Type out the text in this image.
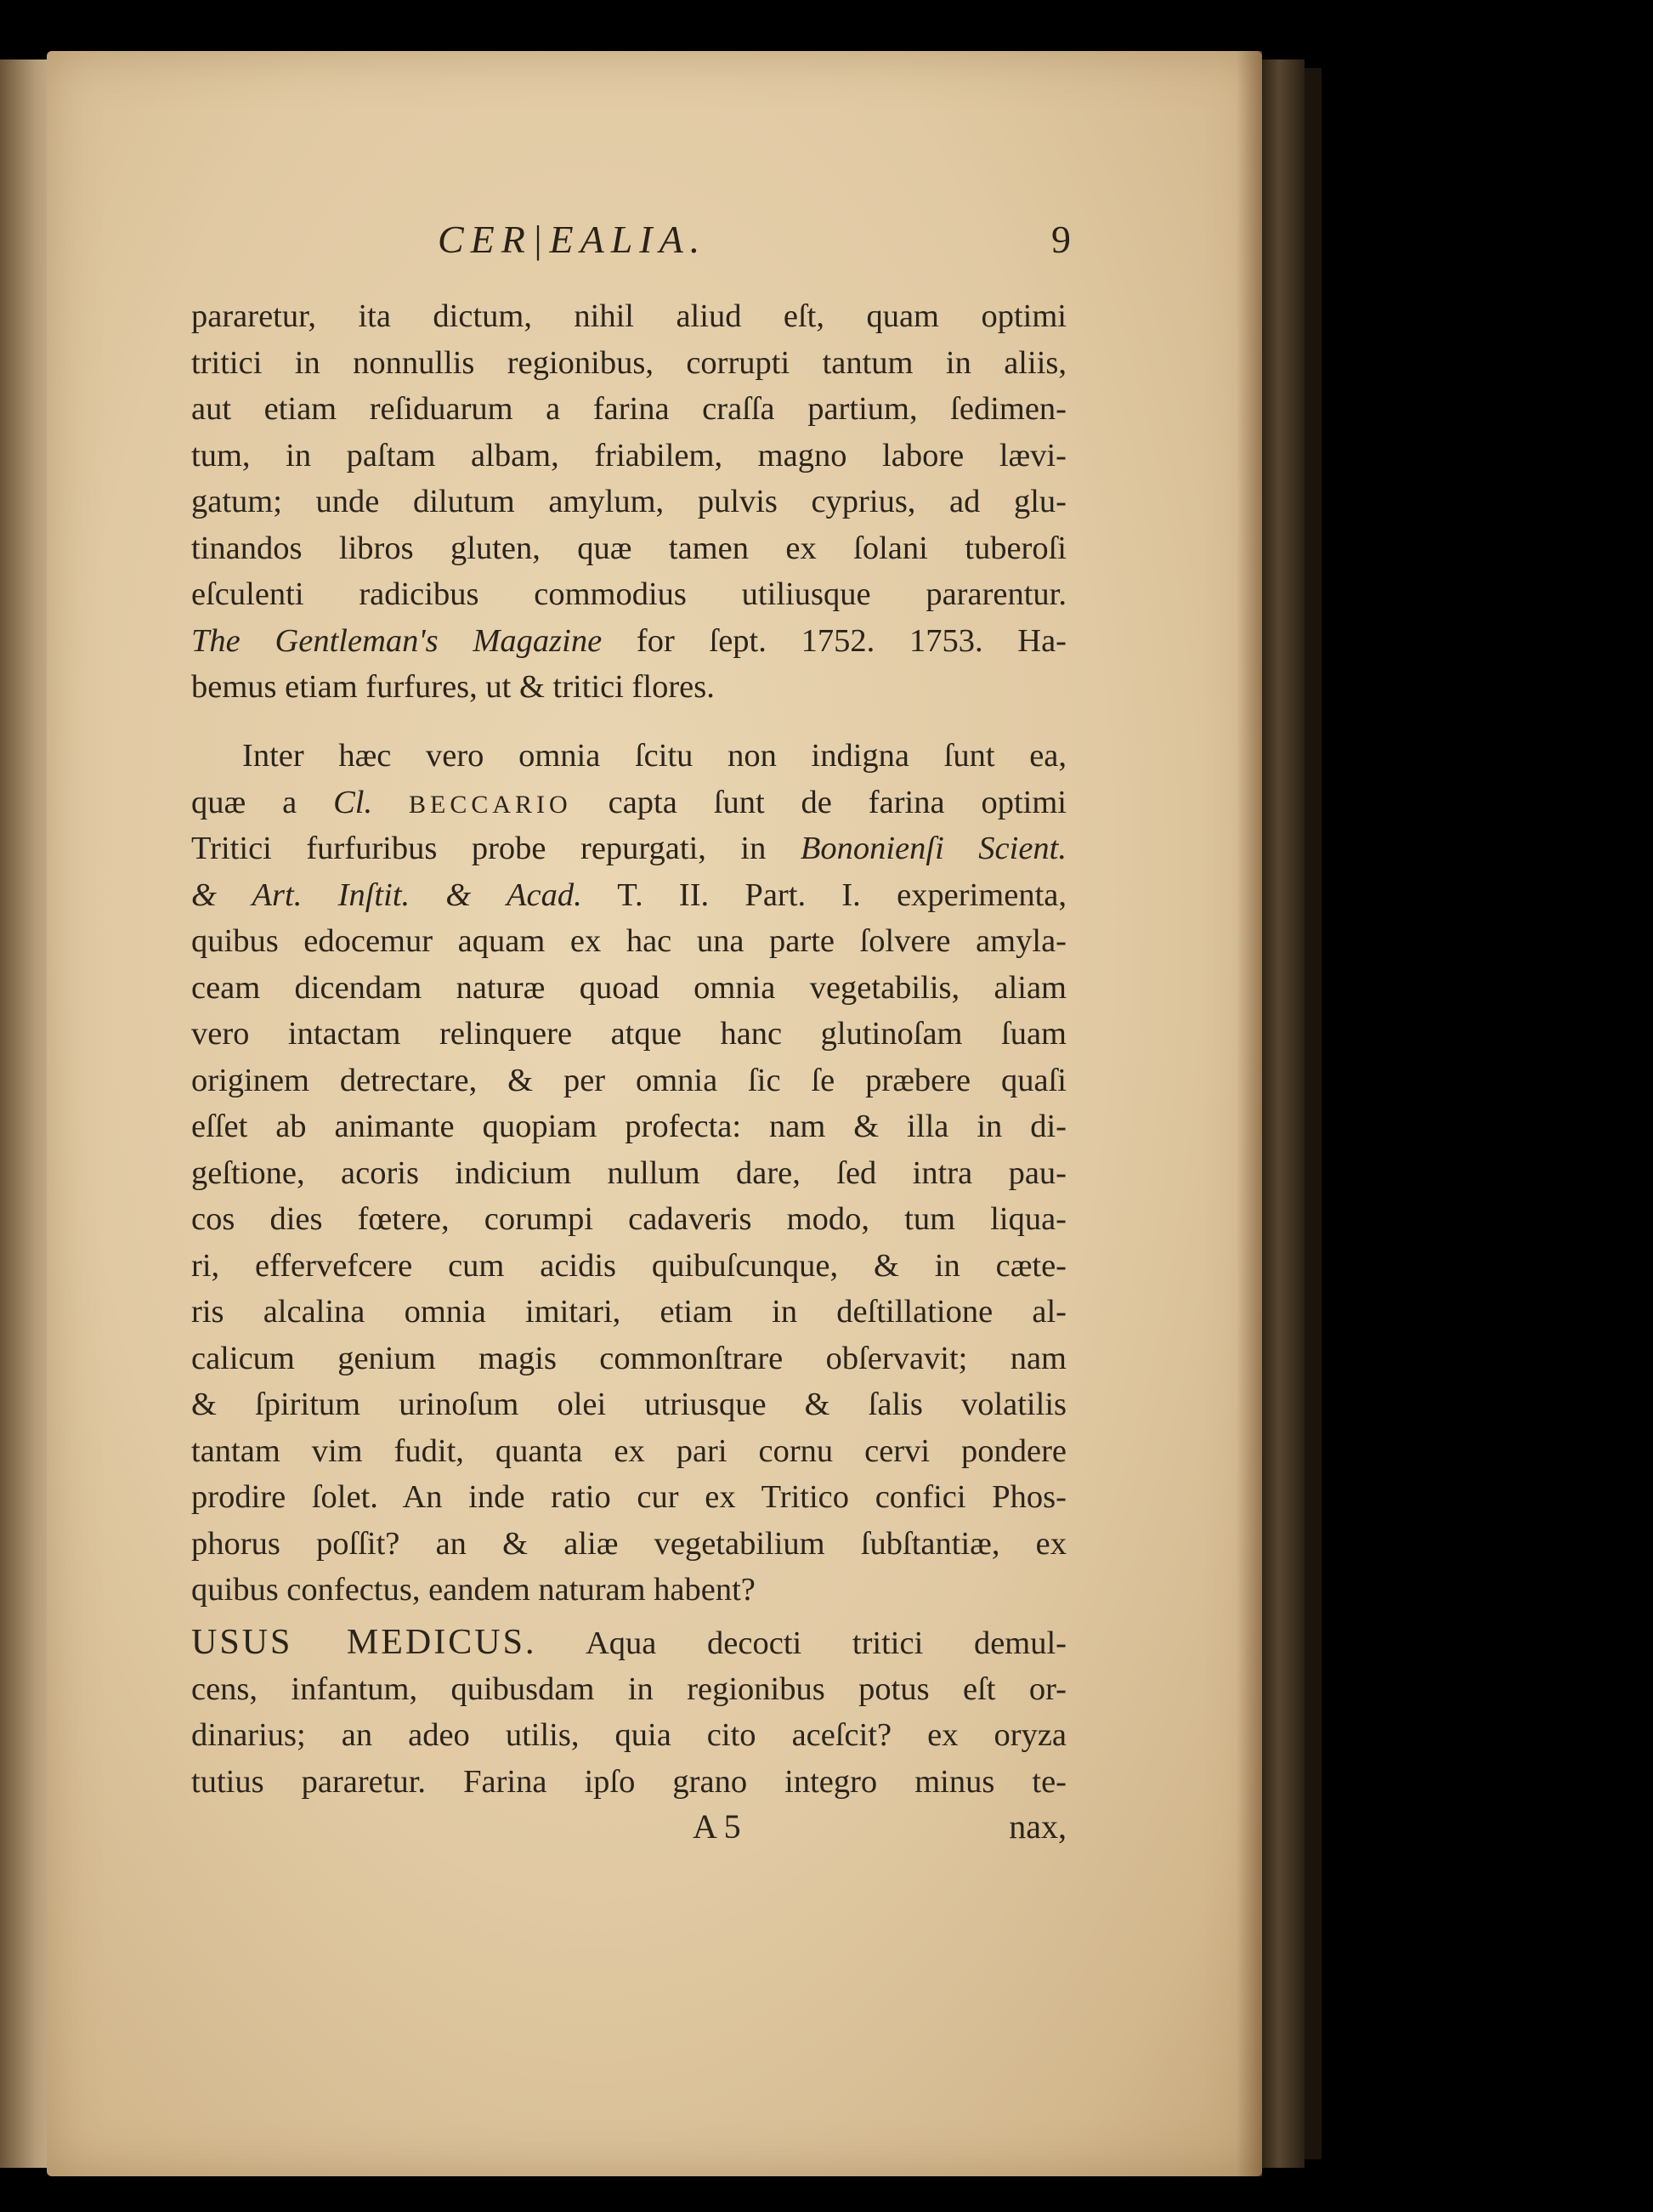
CER|EALIA.	9
pararetur, ita dictum, nihil aliud eſt, quam optimi
tritici in nonnullis regionibus, corrupti tantum in aliis,
aut etiam reſiduarum a farina craſſa partium, ſedimen-
tum, in paſtam albam, friabilem, magno labore lævi-
gatum; unde dilutum amylum, pulvis cyprius, ad glu-
tinandos libros gluten, quæ tamen ex ſolani tuberoſi
eſculenti radicibus commodius utiliusque pararentur.
The Gentleman's Magazine for ſept. 1752. 1753. Ha-
bemus etiam furfures, ut & tritici flores.
Inter hæc vero omnia ſcitu non indigna ſunt ea,
quæ a Cl. BECCARIO capta ſunt de farina optimi
Tritici furfuribus probe repurgati, in Bononienſi Scient.
& Art. Inſtit. & Acad. T. II. Part. I. experimenta,
quibus edocemur aquam ex hac una parte ſolvere amyla-
ceam dicendam naturæ quoad omnia vegetabilis, aliam
vero intactam relinquere atque hanc glutinoſam ſuam
originem detrectare, & per omnia ſic ſe præbere quaſi
eſſet ab animante quopiam profecta: nam & illa in di-
geſtione, acoris indicium nullum dare, ſed intra pau-
cos dies fœtere, corumpi cadaveris modo, tum liqua-
ri, effervefcere cum acidis quibuſcunque, & in cæte-
ris alcalina omnia imitari, etiam in deſtillatione al-
calicum genium magis commonſtrare obſervavit; nam
& ſpiritum urinoſum olei utriusque & ſalis volatilis
tantam vim fudit, quanta ex pari cornu cervi pondere
prodire ſolet. An inde ratio cur ex Tritico confici Phos-
phorus poſſit? an & aliæ vegetabilium ſubſtantiæ, ex
quibus confectus, eandem naturam habent?
USUS MEDICUS. Aqua decocti tritici demul-
cens, infantum, quibusdam in regionibus potus eſt or-
dinarius; an adeo utilis, quia cito aceſcit? ex oryza
tutius pararetur. Farina ipſo grano integro minus te-
A 5	nax,
